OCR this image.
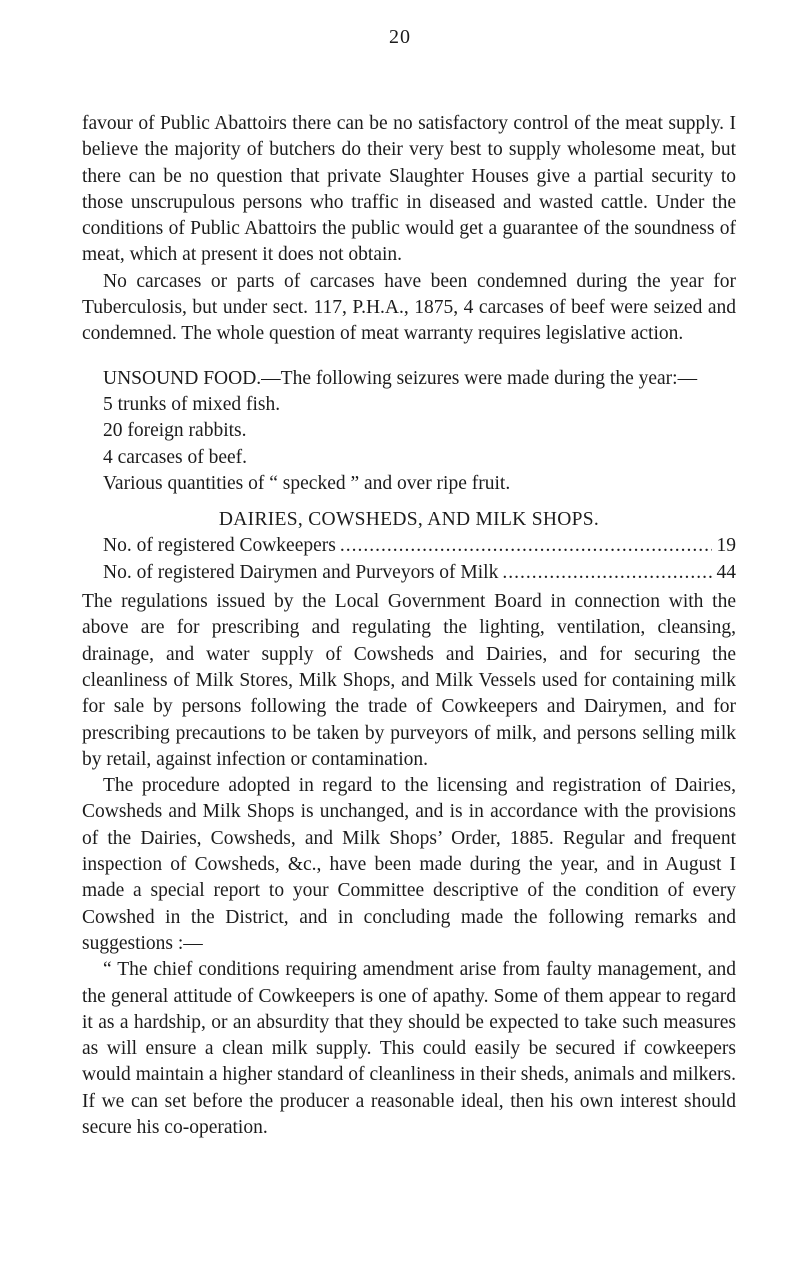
20

favour of Public Abattoirs there can be no satisfactory control of the meat supply. I believe the majority of butchers do their very best to supply wholesome meat, but there can be no question that private Slaughter Houses give a partial security to those unscrupulous persons who traffic in diseased and wasted cattle. Under the conditions of Public Abattoirs the public would get a guarantee of the soundness of meat, which at present it does not obtain.

No carcases or parts of carcases have been condemned during the year for Tuberculosis, but under sect. 117, P.H.A., 1875, 4 carcases of beef were seized and condemned. The whole question of meat warranty requires legislative action.

UNSOUND FOOD.—The following seizures were made during the year:—

5 trunks of mixed fish.
20 foreign rabbits.
4 carcases of beef.
Various quantities of “ specked ” and over ripe fruit.
DAIRIES, COWSHEDS, AND MILK SHOPS.
No. of registered Cowkeepers .....	19
No. of registered Dairymen and Purveyors of Milk .....	44

The regulations issued by the Local Government Board in connection with the above are for prescribing and regulating the lighting, ventilation, cleansing, drainage, and water supply of Cowsheds and Dairies, and for securing the cleanliness of Milk Stores, Milk Shops, and Milk Vessels used for containing milk for sale by persons following the trade of Cowkeepers and Dairymen, and for prescribing precautions to be taken by purveyors of milk, and persons selling milk by retail, against infection or contamination.

The procedure adopted in regard to the licensing and registration of Dairies, Cowsheds and Milk Shops is unchanged, and is in accordance with the provisions of the Dairies, Cowsheds, and Milk Shops’ Order, 1885. Regular and frequent inspection of Cowsheds, &c., have been made during the year, and in August I made a special report to your Committee descriptive of the condition of every Cowshed in the District, and in concluding made the following remarks and suggestions :—

“ The chief conditions requiring amendment arise from faulty management, and the general attitude of Cowkeepers is one of apathy. Some of them appear to regard it as a hardship, or an absurdity that they should be expected to take such measures as will ensure a clean milk supply. This could easily be secured if cowkeepers would maintain a higher standard of cleanliness in their sheds, animals and milkers. If we can set before the producer a reasonable ideal, then his own interest should secure his co-operation.
